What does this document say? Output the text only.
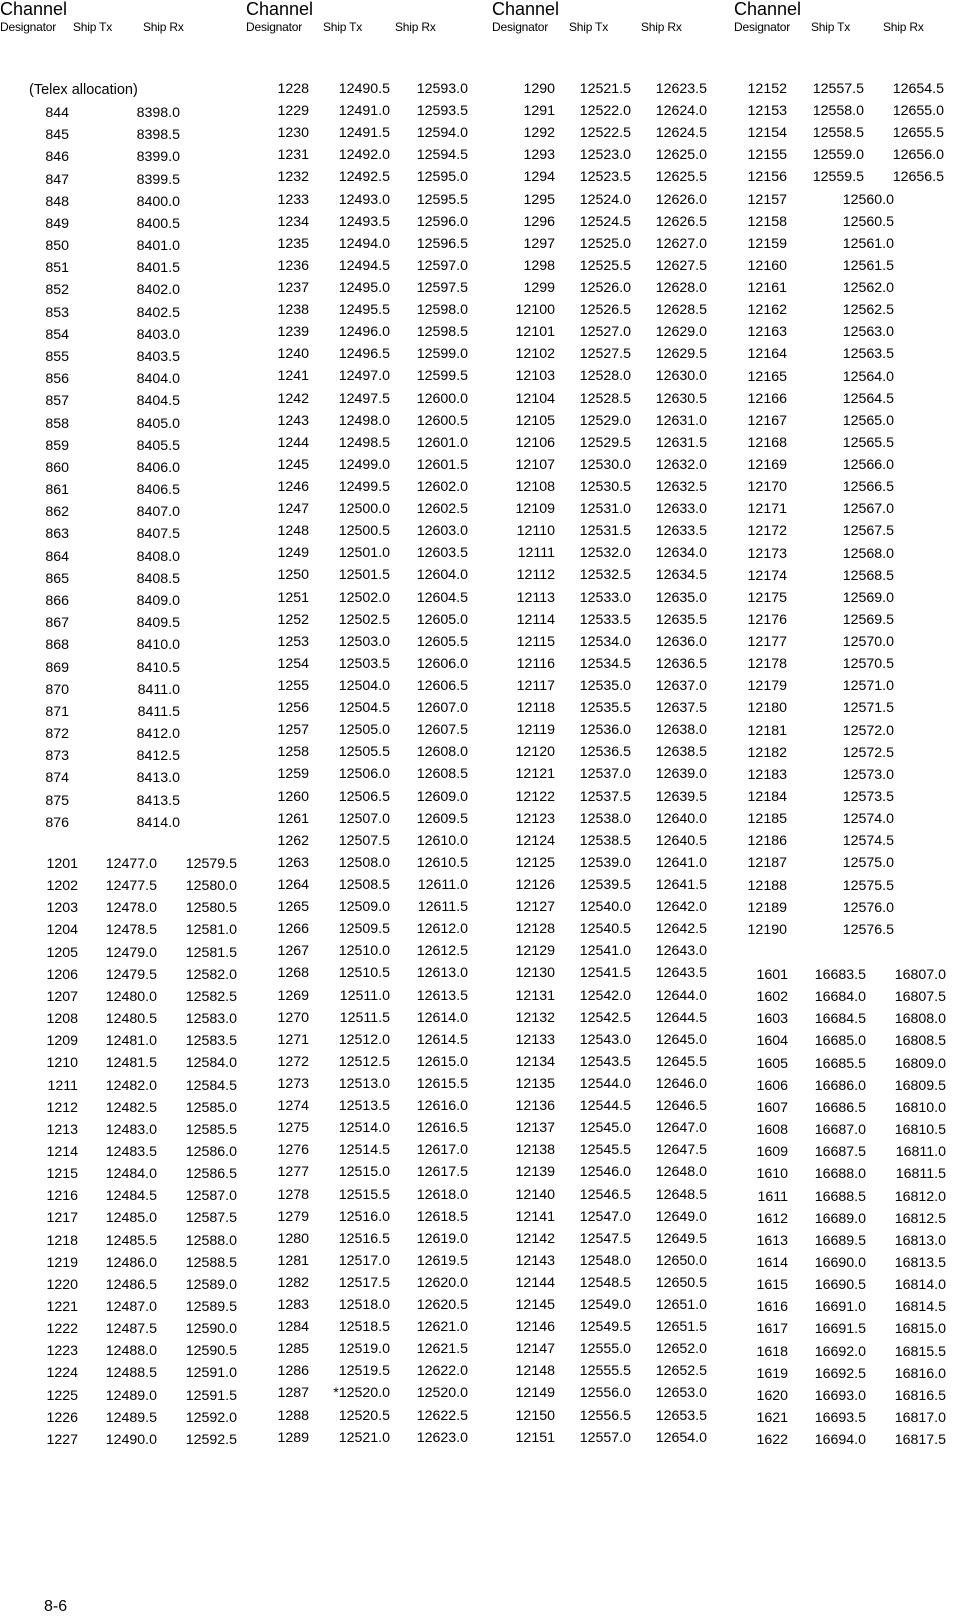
Channel
Designator Ship Tx	Ship Rx
Channel
Designator Ship Tx	Ship Rx
Channel
Designator Ship Tx	Ship Rx
Channel
Designator Ship Tx	Ship Rx
(Telex allocation)
844	8398.0
845	8398.5
846	8399.0
847	8399.5
848	8400.0
849	8400.5
850	8401.0
851	8401.5
852	8402.0
853	8402.5
854	8403.0
855	8403.5
856	8404.0
857	8404.5
858	8405.0
859	8405.5
860	8406.0
861	8406.5
862	8407.0
863	8407.5
864	8408.0
865	8408.5
866	8409.0
867	8409.5
868	8410.0
869	8410.5
870	8411.0
871	8411.5
872	8412.0
873	8412.5
874	8413.0
875	8413.5
876	8414.0
1201 12477.0 12579.5
1202 12477.5 12580.0
1203 12478.0 12580.5
1204 12478.5 12581.0
1205 12479.0 12581.5
1206 12479.5 12582.0
1207 12480.0 12582.5
1208 12480.5 12583.0
1209 12481.0 12583.5
1210 12481.5 12584.0
1211 12482.0 12584.5
1212 12482.5 12585.0
1213 12483.0 12585.5
1214 12483.5 12586.0
1215 12484.0 12586.5
1216 12484.5 12587.0
1217 12485.0 12587.5
1218 12485.5 12588.0
1219 12486.0 12588.5
1220 12486.5 12589.0
1221 12487.0 12589.5
1222 12487.5 12590.0
1223 12488.0 12590.5
1224 12488.5 12591.0
1225 12489.0 12591.5
1226 12489.5 12592.0
1227 12490.0 12592.5
1228 12490.5 12593.0
1229 12491.0 12593.5
1230 12491.5 12594.0
1231 12492.0 12594.5
1232 12492.5 12595.0
1233 12493.0 12595.5
1234 12493.5 12596.0
1235 12494.0 12596.5
1236 12494.5 12597.0
1237 12495.0 12597.5
1238 12495.5 12598.0
1239 12496.0 12598.5
1240 12496.5 12599.0
1241 12497.0 12599.5
1242 12497.5 12600.0
1243 12498.0 12600.5
1244 12498.5 12601.0
1245 12499.0 12601.5
1246 12499.5 12602.0
1247 12500.0 12602.5
1248 12500.5 12603.0
1249 12501.0 12603.5
1250 12501.5 12604.0
1251 12502.0 12604.5
1252 12502.5 12605.0
1253 12503.0 12605.5
1254 12503.5 12606.0
1255 12504.0 12606.5
1256 12504.5 12607.0
1257 12505.0 12607.5
1258 12505.5 12608.0
1259 12506.0 12608.5
1260 12506.5 12609.0
1261 12507.0 12609.5
1262 12507.5 12610.0
1263 12508.0 12610.5
1264 12508.5 12611.0
1265 12509.0 12611.5
1266 12509.5 12612.0
1267 12510.0 12612.5
1268 12510.5 12613.0
1269 12511.0 12613.5
1270 12511.5 12614.0
1271 12512.0 12614.5
1272 12512.5 12615.0
1273 12513.0 12615.5
1274 12513.5 12616.0
1275 12514.0 12616.5
1276 12514.5 12617.0
1277 12515.0 12617.5
1278 12515.5 12618.0
1279 12516.0 12618.5
1280 12516.5 12619.0
1281 12517.0 12619.5
1282 12517.5 12620.0
1283 12518.0 12620.5
1284 12518.5 12621.0
1285 12519.0 12621.5
1286 12519.5 12622.0
1287 *12520.0 12520.0
1288 12520.5 12622.5
1289 12521.0 12623.0
1290 12521.5 12623.5
1291 12522.0 12624.0
1292 12522.5 12624.5
1293 12523.0 12625.0
1294 12523.5 12625.5
1295 12524.0 12626.0
1296 12524.5 12626.5
1297 12525.0 12627.0
1298 12525.5 12627.5
1299 12526.0 12628.0
12100 12526.5 12628.5
12101 12527.0 12629.0
12102 12527.5 12629.5
12103 12528.0 12630.0
12104 12528.5 12630.5
12105 12529.0 12631.0
12106 12529.5 12631.5
12107 12530.0 12632.0
12108 12530.5 12632.5
12109 12531.0 12633.0
12110 12531.5 12633.5
12111 12532.0 12634.0
12112 12532.5 12634.5
12113 12533.0 12635.0
12114 12533.5 12635.5
12115 12534.0 12636.0
12116 12534.5 12636.5
12117 12535.0 12637.0
12118 12535.5 12637.5
12119 12536.0 12638.0
12120 12536.5 12638.5
12121 12537.0 12639.0
12122 12537.5 12639.5
12123 12538.0 12640.0
12124 12538.5 12640.5
12125 12539.0 12641.0
12126 12539.5 12641.5
12127 12540.0 12642.0
12128 12540.5 12642.5
12129 12541.0 12643.0
12130 12541.5 12643.5
12131 12542.0 12644.0
12132 12542.5 12644.5
12133 12543.0 12645.0
12134 12543.5 12645.5
12135 12544.0 12646.0
12136 12544.5 12646.5
12137 12545.0 12647.0
12138 12545.5 12647.5
12139 12546.0 12648.0
12140 12546.5 12648.5
12141 12547.0 12649.0
12142 12547.5 12649.5
12143 12548.0 12650.0
12144 12548.5 12650.5
12145 12549.0 12651.0
12146 12549.5 12651.5
12147 12555.0 12652.0
12148 12555.5 12652.5
12149 12556.0 12653.0
12150 12556.5 12653.5
12151 12557.0 12654.0
12152 12557.5 12654.5
12153 12558.0 12655.0
12154 12558.5 12655.5
12155 12559.0 12656.0
12156 12559.5 12656.5
12157	12560.0
12158	12560.5
12159	12561.0
12160	12561.5
12161	12562.0
12162	12562.5
12163	12563.0
12164	12563.5
12165	12564.0
12166	12564.5
12167	12565.0
12168	12565.5
12169	12566.0
12170	12566.5
12171	12567.0
12172	12567.5
12173	12568.0
12174	12568.5
12175	12569.0
12176	12569.5
12177	12570.0
12178	12570.5
12179	12571.0
12180	12571.5
12181	12572.0
12182	12572.5
12183	12573.0
12184	12573.5
12185	12574.0
12186	12574.5
12187	12575.0
12188	12575.5
12189	12576.0
12190	12576.5
1601 16683.5 16807.0
1602 16684.0 16807.5
1603 16684.5 16808.0
1604 16685.0 16808.5
1605 16685.5 16809.0
1606 16686.0 16809.5
1607 16686.5 16810.0
1608 16687.0 16810.5
1609 16687.5 16811.0
1610 16688.0 16811.5
1611 16688.5 16812.0
1612 16689.0 16812.5
1613 16689.5 16813.0
1614 16690.0 16813.5
1615 16690.5 16814.0
1616 16691.0 16814.5
1617 16691.5 16815.0
1618 16692.0 16815.5
1619 16692.5 16816.0
1620 16693.0 16816.5
1621 16693.5 16817.0
1622 16694.0 16817.5
8-6
